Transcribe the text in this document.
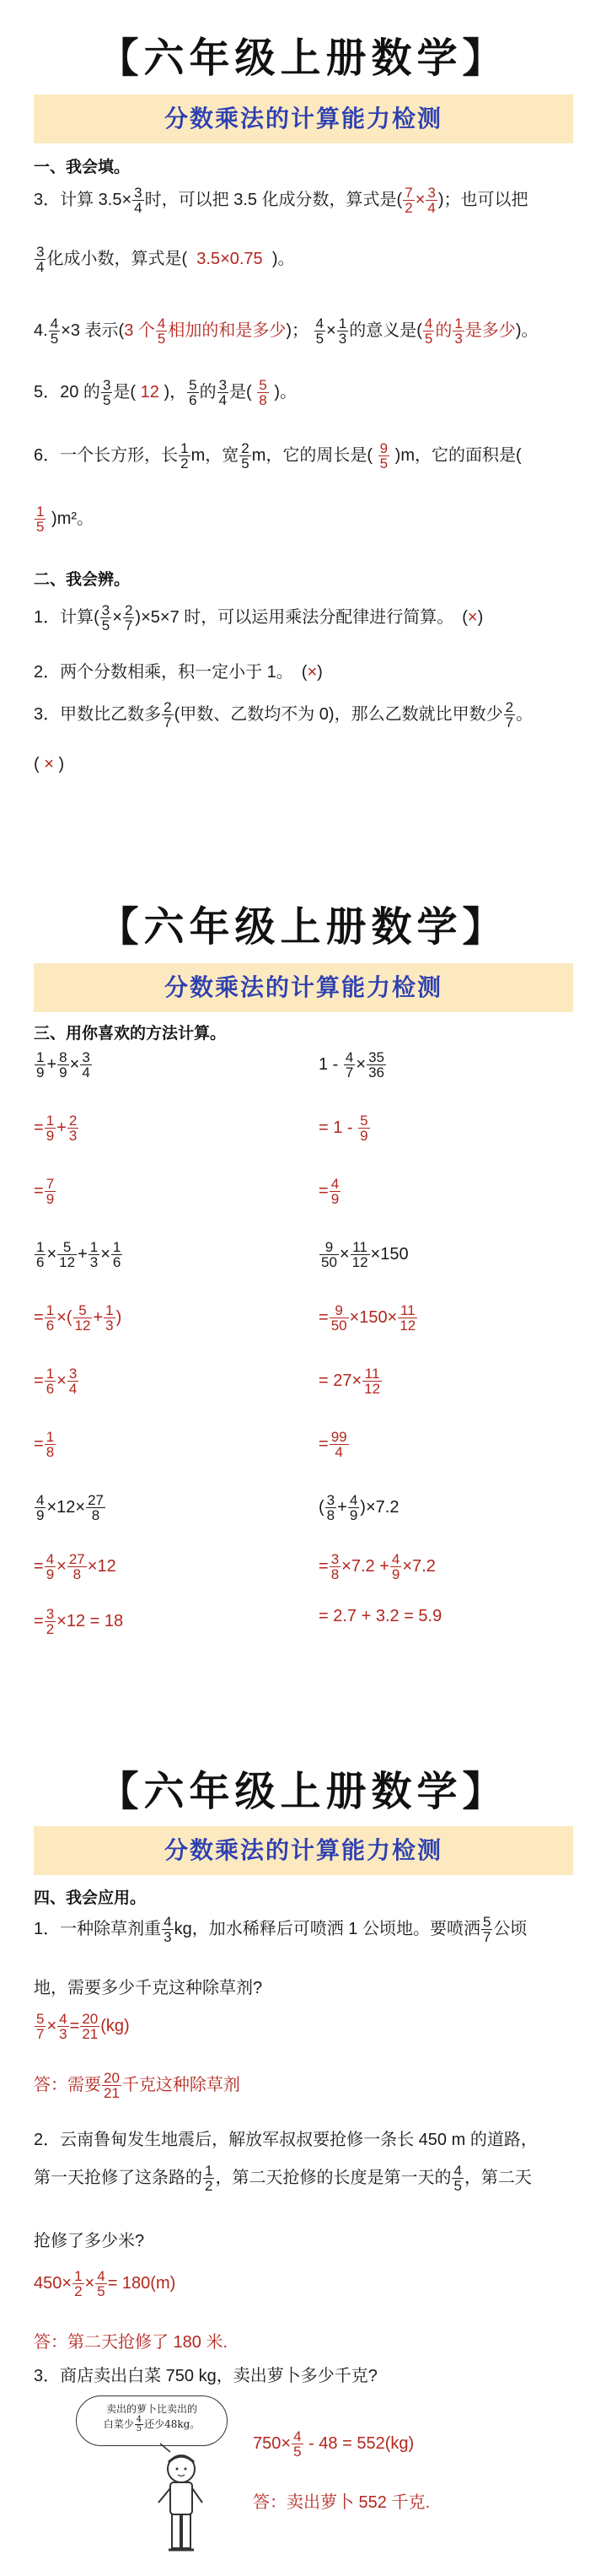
【六年级上册数学】
分数乘法的计算能力检测
一、我会填。
3．计算 $3.5\times \frac{3}{4}$ 时，可以把 3.5 化成分数，算式是( $\frac{7}{2} \times \frac{3}{4}$ )；也可以把
$\frac{3}{4}$ 化成小数，算式是( 3.5×0.75 )。
4. $\frac{4}{5} \times 3$ 表示(3 个 $\frac{4}{5}$ 相加的和是多少)； $\frac{4}{5} \times \frac{1}{3}$ 的意义是( $\frac{4}{5}$ 的 $\frac{1}{3}$ 是多少)。
5．20 的 $\frac{3}{5}$ 是( 12 )， $\frac{5}{6}$ 的 $\frac{3}{4}$ 是( $\frac{5}{8}$ )。
6．一个长方形，长 $\frac{1}{2}$ m，宽 $\frac{2}{5}$ m，它的周长是( $\frac{9}{5} )m$，它的面积是(
$\frac{1}{5} )m^2$。
二、我会辨。
1．计算( $\frac{3}{5} \times \frac{2}{7} )\times 5\times 7$ 时，可以运用乘法分配律进行简算。　(×)
2．两个分数相乘，积一定小于 1。　(×)
3．甲数比乙数多 $\frac{2}{7}$ (甲数、乙数均不为 0)，那么乙数就比甲数少 $\frac{2}{7}$ 。
( × )
【六年级上册数学】
分数乘法的计算能力检测
三、用你喜欢的方法计算。
$\frac{1}{9} + \frac{8}{9} \times \frac{3}{4}$
= $\frac{1}{9} + \frac{2}{3}$
= $\frac{7}{9}$
$\frac{1}{6} \times \frac{5}{12} + \frac{1}{3} \times \frac{1}{6}$
= $\frac{1}{6}$ ×( $\frac{5}{12} + \frac{1}{3}$ )
= $\frac{1}{6} \times \frac{3}{4}$
= $\frac{1}{8}$
$\frac{4}{9} \times 12\times \frac{27}{8}$
= $\frac{4}{9} \times \frac{27}{8} \times 12$
= $\frac{3}{2} \times 12 = 18$
$1 - \frac{4}{7} \times \frac{35}{36}$
= $1 - \frac{5}{9}$
= $\frac{4}{9}$
$\frac{9}{50} \times \frac{11}{12} \times 150$
= $\frac{9}{50} \times 150\times \frac{11}{12}$
= $27\times \frac{11}{12}$
= $\frac{99}{4}$
( $\frac{3}{8} + \frac{4}{9} )\times 7.2$
= $\frac{3}{8} \times 7.2 + \frac{4}{9} \times 7.2$
= 2.7 + 3.2 = 5.9
【六年级上册数学】
分数乘法的计算能力检测
四、我会应用。
1．一种除草剂重 $\frac{4}{3}$ kg，加水稀释后可喷洒 1 公顷地。要喷洒 $\frac{5}{7}$ 公顷
地，需要多少千克这种除草剂?
$\frac{5}{7} \times \frac{4}{3} = \frac{20}{21} (kg)$
答：需要 $\frac{20}{21}$ 千克这种除草剂
2．云南鲁甸发生地震后，解放军叔叔要抢修一条长 450 m 的道路，
第一天抢修了这条路的 $\frac{1}{2}$ ，第二天抢修的长度是第一天的 $\frac{4}{5}$ ，第二天
抢修了多少米?
$450\times \frac{1}{2} \times \frac{4}{5} = 180(m)$
答：第二天抢修了 180 米.
3．商店卖出白菜 750 kg，卖出萝卜多少千克?
卖出的萝卜比卖出的
白菜少 $\frac{4}{5}$ 还少48kg。
$750\times \frac{4}{5} - 48 = 552(kg)$
答：卖出萝卜 552 千克.
